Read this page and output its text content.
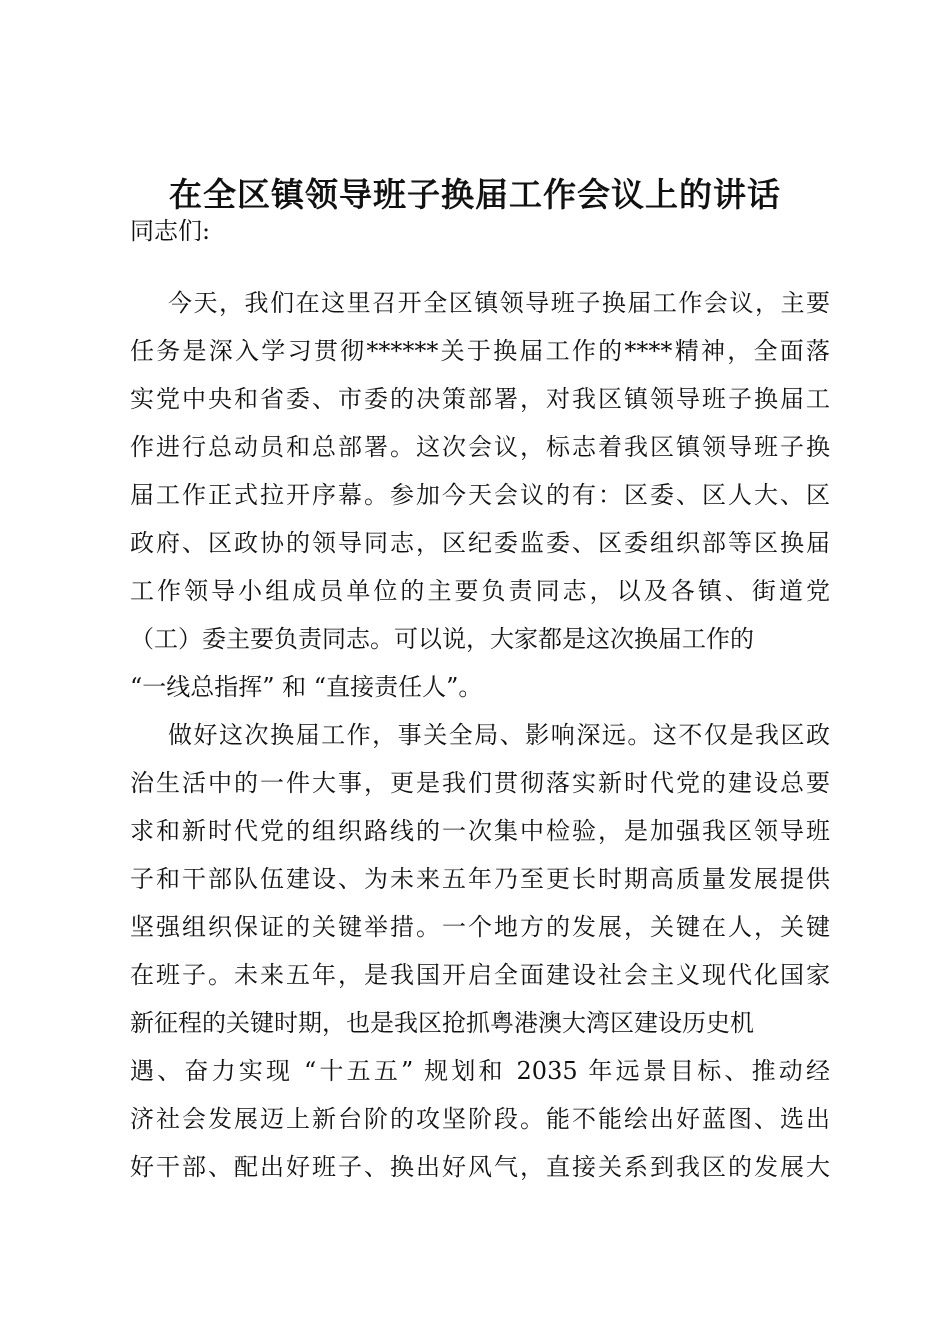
在全区镇领导班子换届工作会议上的讲话
同志们:
今天，我们在这里召开全区镇领导班子换届工作会议，主要
任务是深入学习贯彻******关于换届工作的****精神，全面落
实党中央和省委、市委的决策部署，对我区镇领导班子换届工
作进行总动员和总部署。这次会议，标志着我区镇领导班子换
届工作正式拉开序幕。参加今天会议的有：区委、区人大、区
政府、区政协的领导同志，区纪委监委、区委组织部等区换届
工作领导小组成员单位的主要负责同志，以及各镇、街道党
（工）委主要负责同志。可以说，大家都是这次换届工作的
“一线总指挥” 和 “直接责任人”。
做好这次换届工作，事关全局、影响深远。这不仅是我区政
治生活中的一件大事，更是我们贯彻落实新时代党的建设总要
求和新时代党的组织路线的一次集中检验，是加强我区领导班
子和干部队伍建设、为未来五年乃至更长时期高质量发展提供
坚强组织保证的关键举措。一个地方的发展，关键在人，关键
在班子。未来五年，是我国开启全面建设社会主义现代化国家
新征程的关键时期，也是我区抢抓粤港澳大湾区建设历史机
遇、奋力实现 “十五五” 规划和 2035 年远景目标、推动经
济社会发展迈上新台阶的攻坚阶段。能不能绘出好蓝图、选出
好干部、配出好班子、换出好风气，直接关系到我区的发展大
